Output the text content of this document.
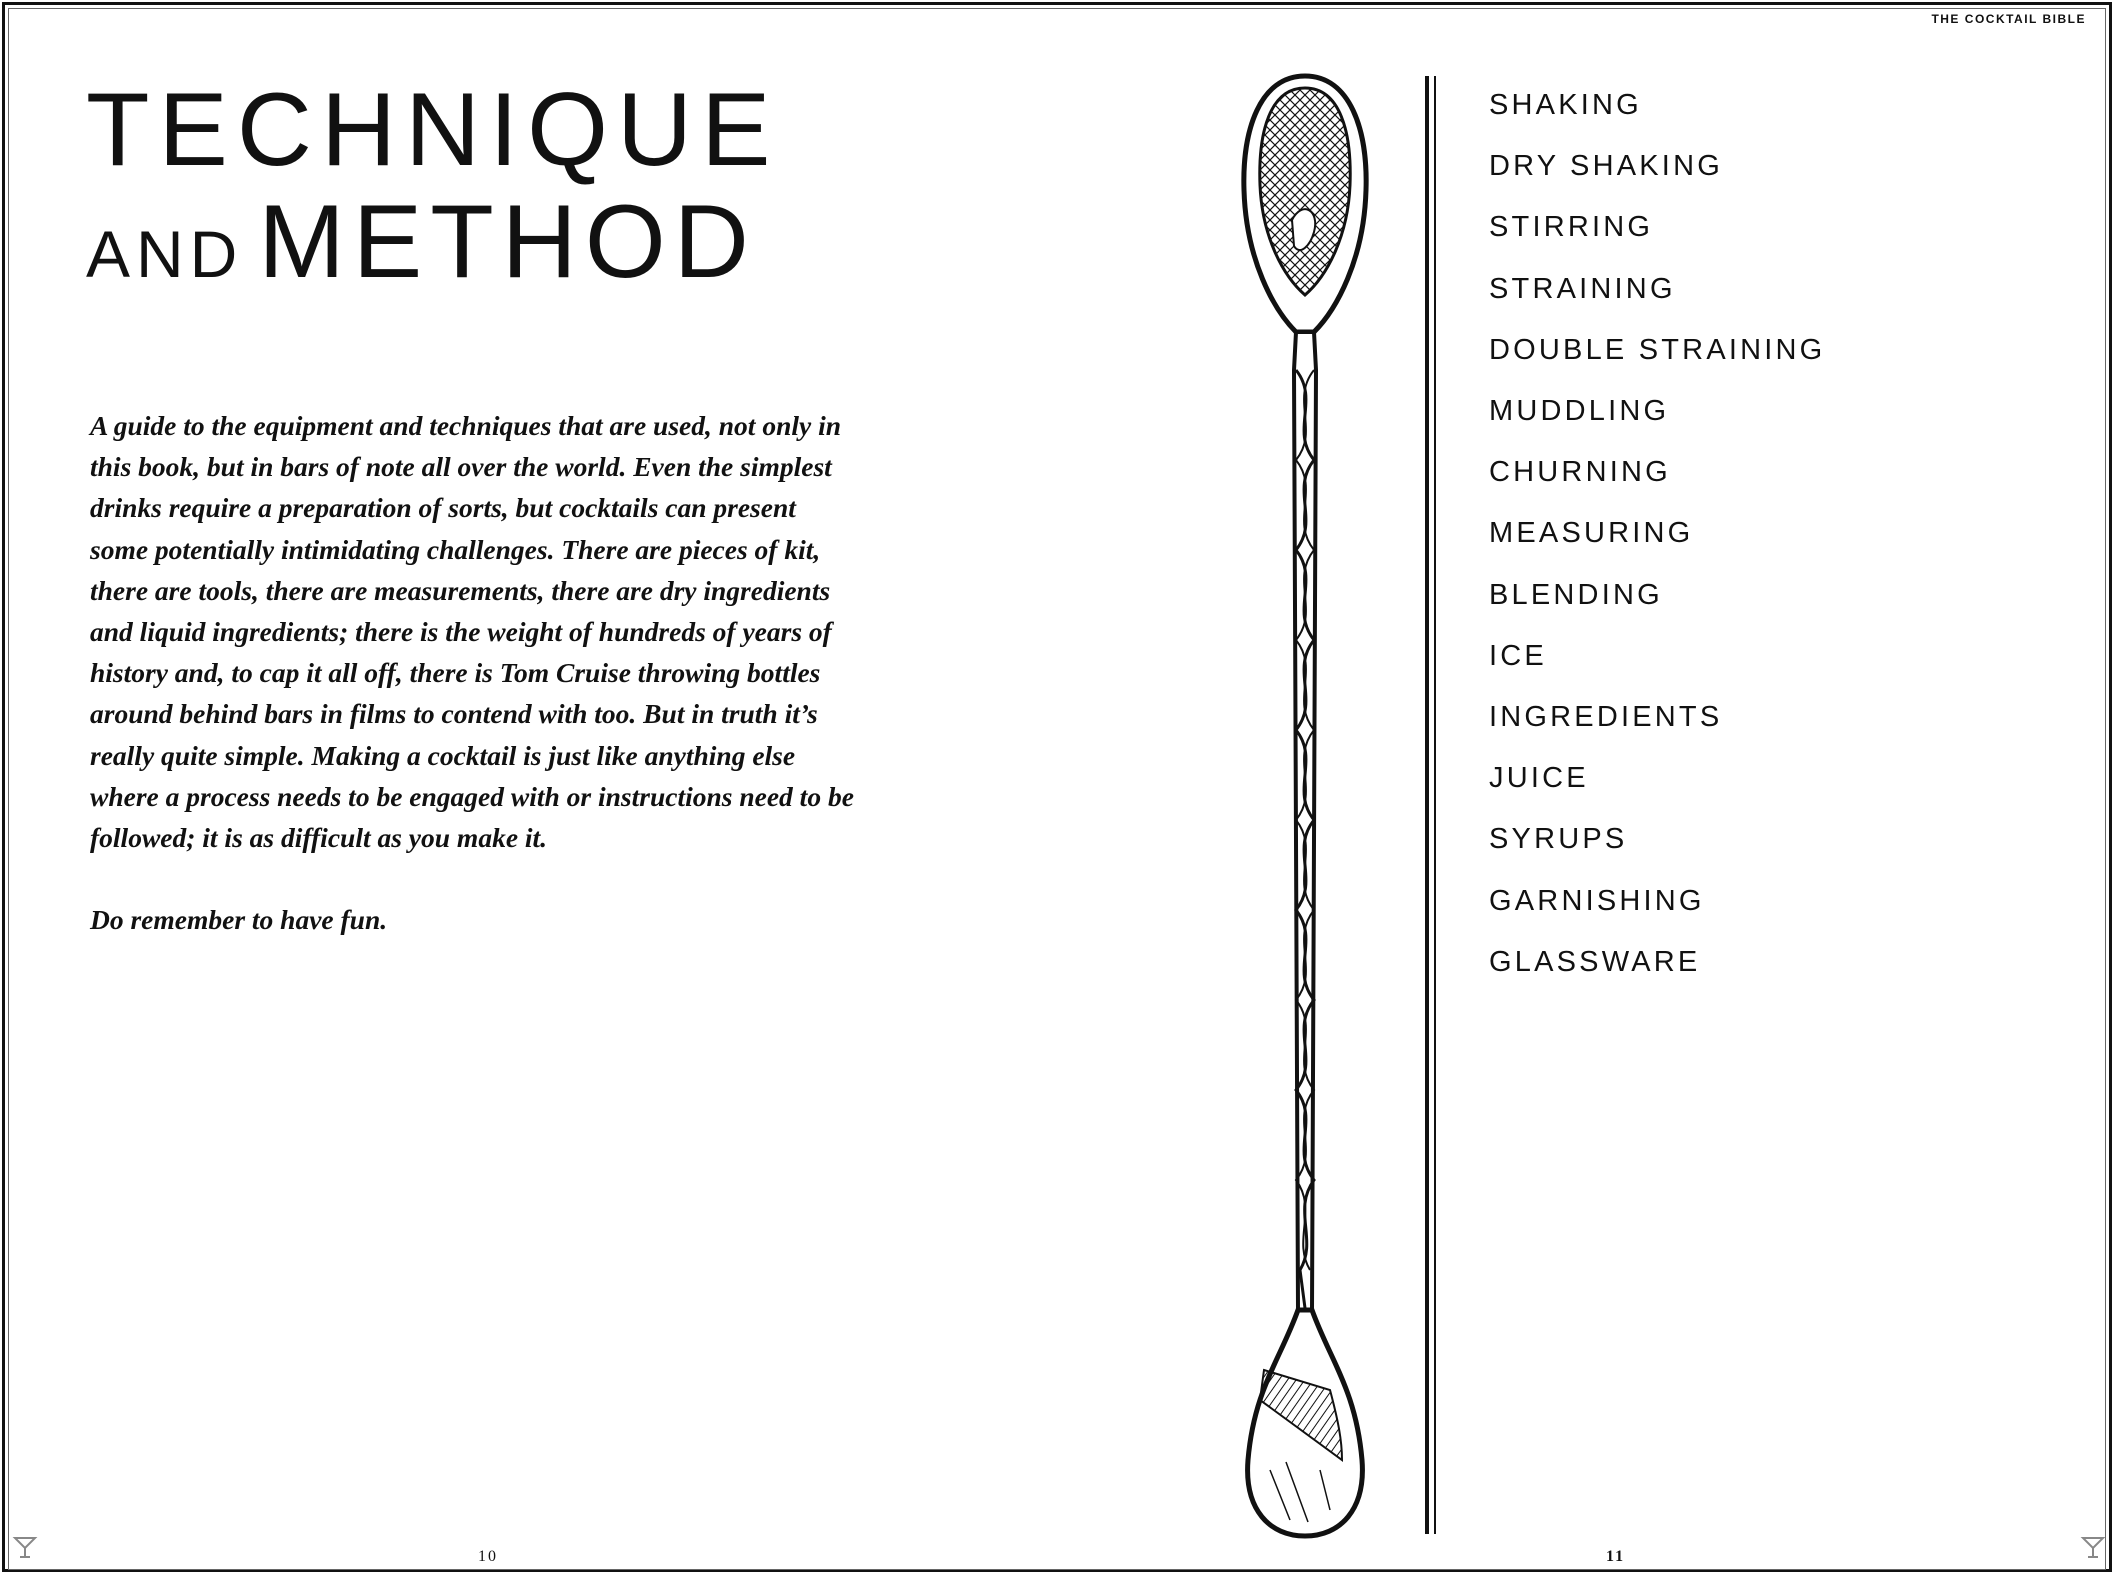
THE COCKTAIL BIBLE
TECHNIQUE
AND METHOD

A guide to the equipment and techniques that are used, not only in this book, but in bars of note all over the world. Even the simplest drinks require a preparation of sorts, but cocktails can present some potentially intimidating challenges. There are pieces of kit, there are tools, there are measurements, there are dry ingredients and liquid ingredients; there is the weight of hundreds of years of history and, to cap it all off, there is Tom Cruise throwing bottles around behind bars in films to contend with too. But in truth it’s really quite simple. Making a cocktail is just like anything else where a process needs to be engaged with or instructions need to be followed; it is as difficult as you make it.

Do remember to have fun.

SHAKING
DRY SHAKING
STIRRING
STRAINING
DOUBLE STRAINING
MUDDLING
CHURNING
MEASURING
BLENDING
ICE
INGREDIENTS
JUICE
SYRUPS
GARNISHING
GLASSWARE
10	11
